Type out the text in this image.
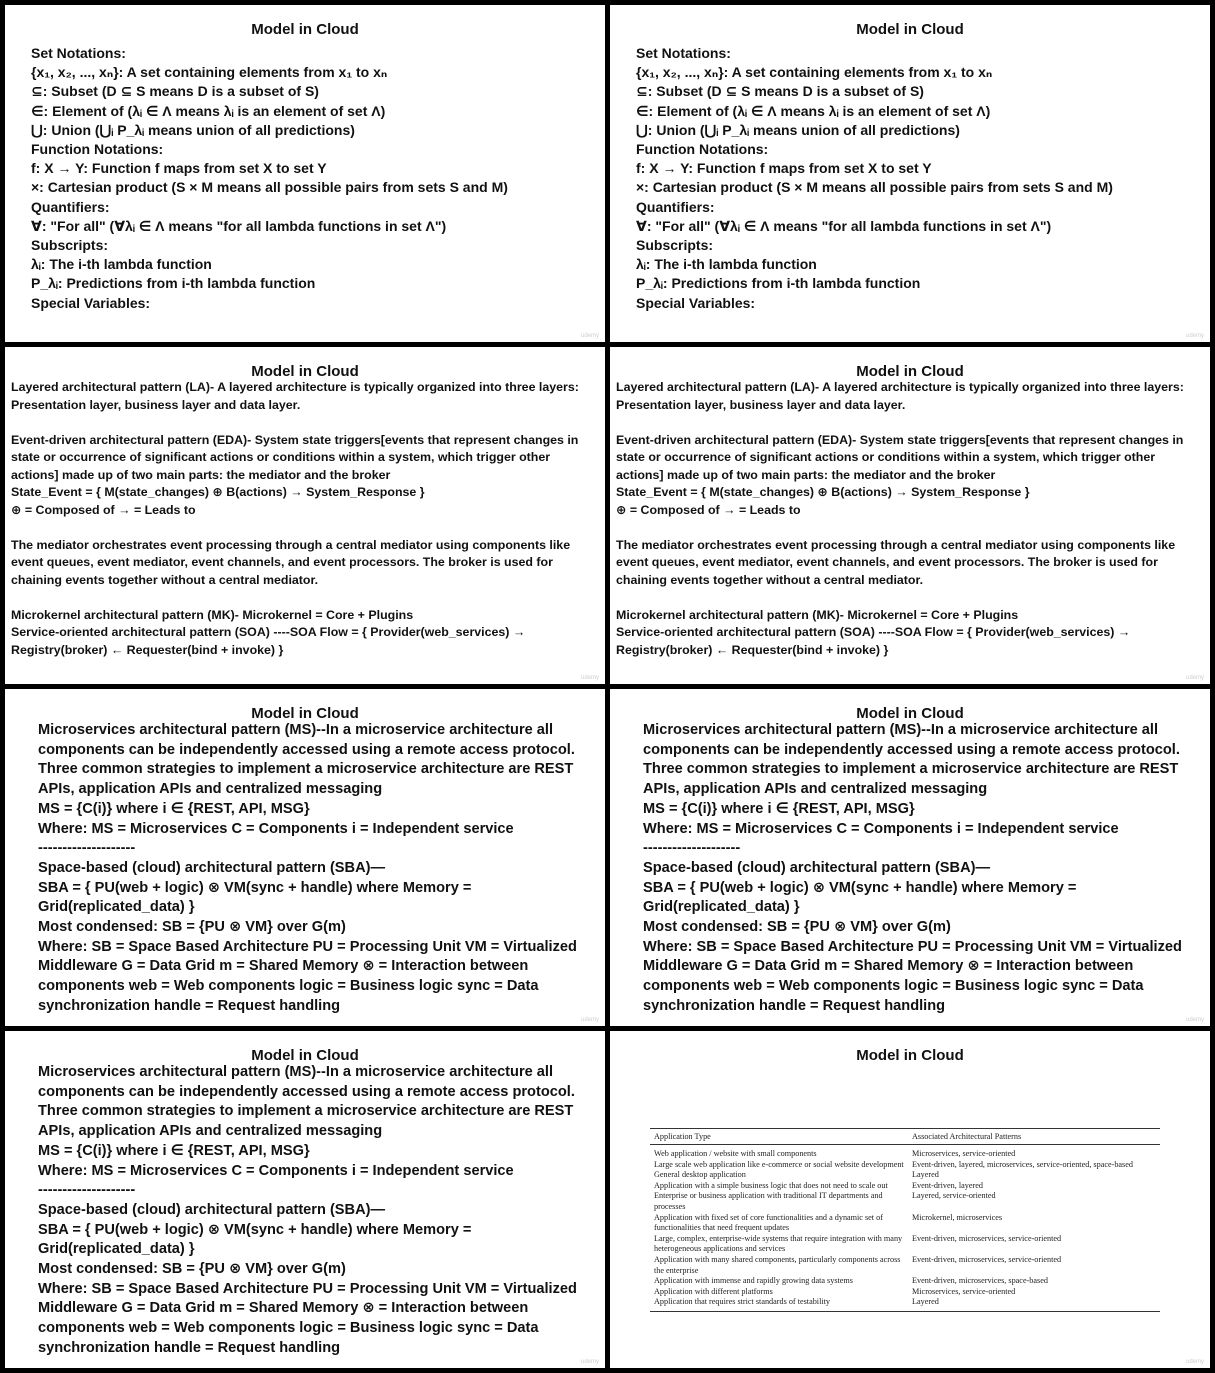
Model in Cloud
Set Notations:
{x₁, x₂, ..., xₙ}: A set containing elements from x₁ to xₙ
⊆: Subset (D ⊆ S means D is a subset of S)
∈: Element of (λᵢ ∈ Λ means λᵢ is an element of set Λ)
⋃: Union (⋃ᵢ P_λᵢ means union of all predictions)
Function Notations:
f: X → Y: Function f maps from set X to set Y
×: Cartesian product (S × M means all possible pairs from sets S and M)
Quantifiers:
∀: "For all" (∀λᵢ ∈ Λ means "for all lambda functions in set Λ")
Subscripts:
λᵢ: The i-th lambda function
P_λᵢ: Predictions from i-th lambda function
Special Variables:
udemy
Model in Cloud
Set Notations:
{x₁, x₂, ..., xₙ}: A set containing elements from x₁ to xₙ
⊆: Subset (D ⊆ S means D is a subset of S)
∈: Element of (λᵢ ∈ Λ means λᵢ is an element of set Λ)
⋃: Union (⋃ᵢ P_λᵢ means union of all predictions)
Function Notations:
f: X → Y: Function f maps from set X to set Y
×: Cartesian product (S × M means all possible pairs from sets S and M)
Quantifiers:
∀: "For all" (∀λᵢ ∈ Λ means "for all lambda functions in set Λ")
Subscripts:
λᵢ: The i-th lambda function
P_λᵢ: Predictions from i-th lambda function
Special Variables:
udemy
Model in Cloud
Layered architectural pattern (LA)- A layered architecture is typically organized into three layers:
Presentation layer, business layer and data layer.

Event-driven architectural pattern (EDA)- System state triggers[events that represent changes in
state or occurrence of significant actions or conditions within a system, which trigger other
actions] made up of two main parts: the mediator and the broker
State_Event = { M(state_changes) ⊕ B(actions) → System_Response }
⊕ = Composed of → = Leads to

The mediator orchestrates event processing through a central mediator using components like
event queues, event mediator, event channels, and event processors. The broker is used for
chaining events together without a central mediator.

Microkernel architectural pattern (MK)- Microkernel = Core + Plugins
Service-oriented architectural pattern (SOA) ----SOA Flow = { Provider(web_services) →
Registry(broker) ← Requester(bind + invoke) }
udemy
Model in Cloud
Layered architectural pattern (LA)- A layered architecture is typically organized into three layers:
Presentation layer, business layer and data layer.

Event-driven architectural pattern (EDA)- System state triggers[events that represent changes in
state or occurrence of significant actions or conditions within a system, which trigger other
actions] made up of two main parts: the mediator and the broker
State_Event = { M(state_changes) ⊕ B(actions) → System_Response }
⊕ = Composed of → = Leads to

The mediator orchestrates event processing through a central mediator using components like
event queues, event mediator, event channels, and event processors. The broker is used for
chaining events together without a central mediator.

Microkernel architectural pattern (MK)- Microkernel = Core + Plugins
Service-oriented architectural pattern (SOA) ----SOA Flow = { Provider(web_services) →
Registry(broker) ← Requester(bind + invoke) }
udemy
Model in Cloud
Microservices architectural pattern (MS)--In a microservice architecture all
components can be independently accessed using a remote access protocol.
Three common strategies to implement a microservice architecture are REST
APIs, application APIs and centralized messaging
MS = {C(i)} where i ∈ {REST, API, MSG}
Where: MS = Microservices C = Components i = Independent service
--------------------
Space-based (cloud) architectural pattern (SBA)—
SBA = { PU(web + logic) ⊗ VM(sync + handle) where Memory =
Grid(replicated_data) }
Most condensed: SB = {PU ⊗ VM} over G(m)
Where: SB = Space Based Architecture PU = Processing Unit VM = Virtualized
Middleware G = Data Grid m = Shared Memory ⊗ = Interaction between
components web = Web components logic = Business logic sync = Data
synchronization handle = Request handling
udemy
Model in Cloud
Microservices architectural pattern (MS)--In a microservice architecture all
components can be independently accessed using a remote access protocol.
Three common strategies to implement a microservice architecture are REST
APIs, application APIs and centralized messaging
MS = {C(i)} where i ∈ {REST, API, MSG}
Where: MS = Microservices C = Components i = Independent service
--------------------
Space-based (cloud) architectural pattern (SBA)—
SBA = { PU(web + logic) ⊗ VM(sync + handle) where Memory =
Grid(replicated_data) }
Most condensed: SB = {PU ⊗ VM} over G(m)
Where: SB = Space Based Architecture PU = Processing Unit VM = Virtualized
Middleware G = Data Grid m = Shared Memory ⊗ = Interaction between
components web = Web components logic = Business logic sync = Data
synchronization handle = Request handling
udemy
Model in Cloud
Microservices architectural pattern (MS)--In a microservice architecture all
components can be independently accessed using a remote access protocol.
Three common strategies to implement a microservice architecture are REST
APIs, application APIs and centralized messaging
MS = {C(i)} where i ∈ {REST, API, MSG}
Where: MS = Microservices C = Components i = Independent service
--------------------
Space-based (cloud) architectural pattern (SBA)—
SBA = { PU(web + logic) ⊗ VM(sync + handle) where Memory =
Grid(replicated_data) }
Most condensed: SB = {PU ⊗ VM} over G(m)
Where: SB = Space Based Architecture PU = Processing Unit VM = Virtualized
Middleware G = Data Grid m = Shared Memory ⊗ = Interaction between
components web = Web components logic = Business logic sync = Data
synchronization handle = Request handling
udemy
Model in Cloud
Application Type	Associated Architectural Patterns
Web application / website with small components	Microservices, service-oriented
Large scale web application like e-commerce or social website development	Event-driven, layered, microservices, service-oriented, space-based
General desktop application	Layered
Application with a simple business logic that does not need to scale out	Event-driven, layered
Enterprise or business application with traditional IT departments and processes	Layered, service-oriented
Application with fixed set of core functionalities and a dynamic set of functionalities that need frequent updates	Microkernel, microservices
Large, complex, enterprise-wide systems that require integration with many heterogeneous applications and services	Event-driven, microservices, service-oriented
Application with many shared components, particularly components across the enterprise	Event-driven, microservices, service-oriented
Application with immense and rapidly growing data systems	Event-driven, microservices, space-based
Application with different platforms	Microservices, service-oriented
Application that requires strict standards of testability	Layered
udemy
